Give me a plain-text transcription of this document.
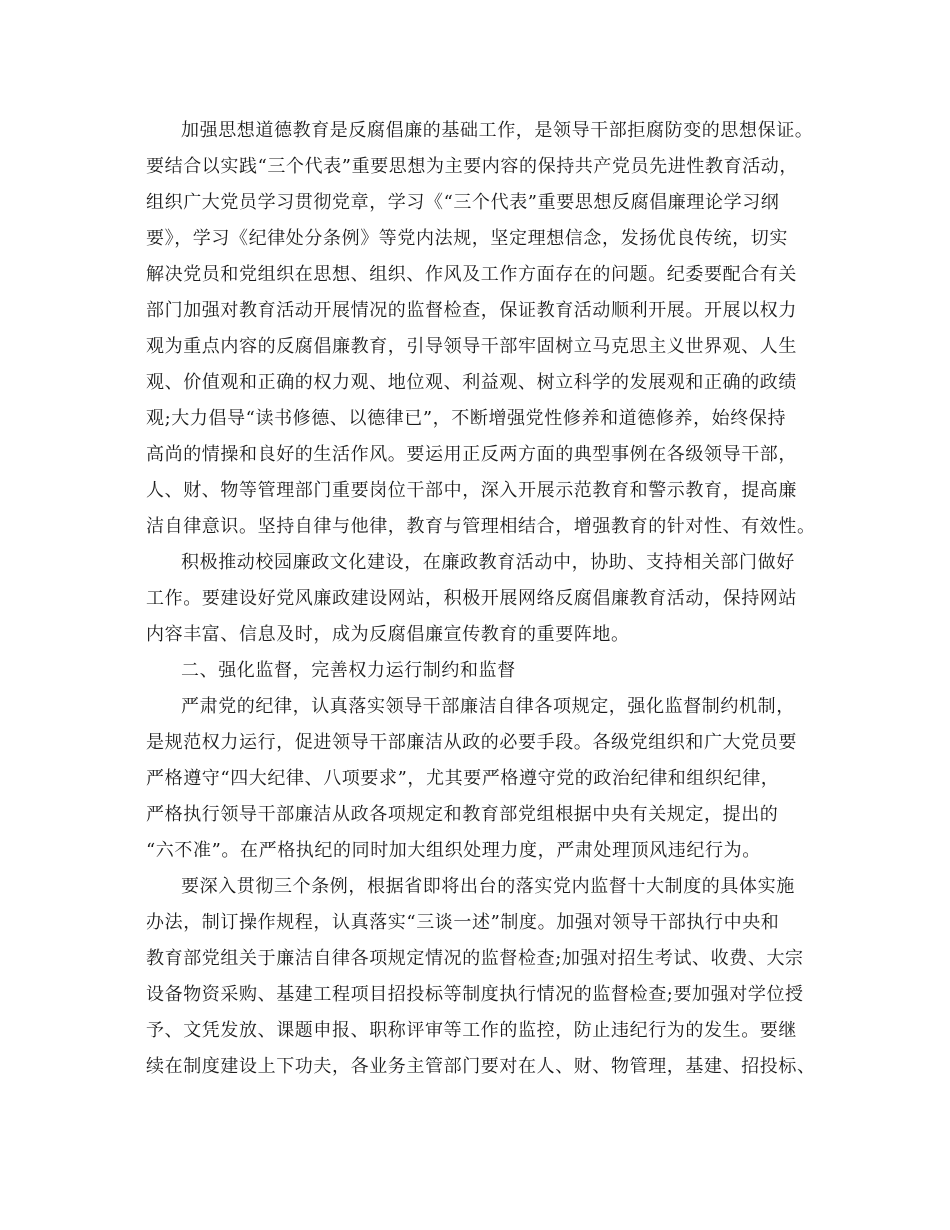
加强思想道德教育是反腐倡廉的基础工作，是领导干部拒腐防变的思想保证。
要结合以实践“三个代表”重要思想为主要内容的保持共产党员先进性教育活动，
组织广大党员学习贯彻党章，学习《“三个代表”重要思想反腐倡廉理论学习纲
要》，学习《纪律处分条例》等党内法规，坚定理想信念，发扬优良传统，切实
解决党员和党组织在思想、组织、作风及工作方面存在的问题。纪委要配合有关
部门加强对教育活动开展情况的监督检查，保证教育活动顺利开展。开展以权力
观为重点内容的反腐倡廉教育，引导领导干部牢固树立马克思主义世界观、人生
观、价值观和正确的权力观、地位观、利益观、树立科学的发展观和正确的政绩
观;大力倡导“读书修德、以德律已”，不断增强党性修养和道德修养，始终保持
高尚的情操和良好的生活作风。要运用正反两方面的典型事例在各级领导干部，
人、财、物等管理部门重要岗位干部中，深入开展示范教育和警示教育，提高廉
洁自律意识。坚持自律与他律，教育与管理相结合，增强教育的针对性、有效性。
积极推动校园廉政文化建设，在廉政教育活动中，协助、支持相关部门做好
工作。要建设好党风廉政建设网站，积极开展网络反腐倡廉教育活动，保持网站
内容丰富、信息及时，成为反腐倡廉宣传教育的重要阵地。
二、强化监督，完善权力运行制约和监督
严肃党的纪律，认真落实领导干部廉洁自律各项规定，强化监督制约机制，
是规范权力运行，促进领导干部廉洁从政的必要手段。各级党组织和广大党员要
严格遵守“四大纪律、八项要求”，尤其要严格遵守党的政治纪律和组织纪律，
严格执行领导干部廉洁从政各项规定和教育部党组根据中央有关规定，提出的
“六不准”。在严格执纪的同时加大组织处理力度，严肃处理顶风违纪行为。
要深入贯彻三个条例，根据省即将出台的落实党内监督十大制度的具体实施
办法，制订操作规程，认真落实“三谈一述”制度。加强对领导干部执行中央和
教育部党组关于廉洁自律各项规定情况的监督检查;加强对招生考试、收费、大宗
设备物资采购、基建工程项目招投标等制度执行情况的监督检查;要加强对学位授
予、文凭发放、课题申报、职称评审等工作的监控，防止违纪行为的发生。要继
续在制度建设上下功夫，各业务主管部门要对在人、财、物管理，基建、招投标、
